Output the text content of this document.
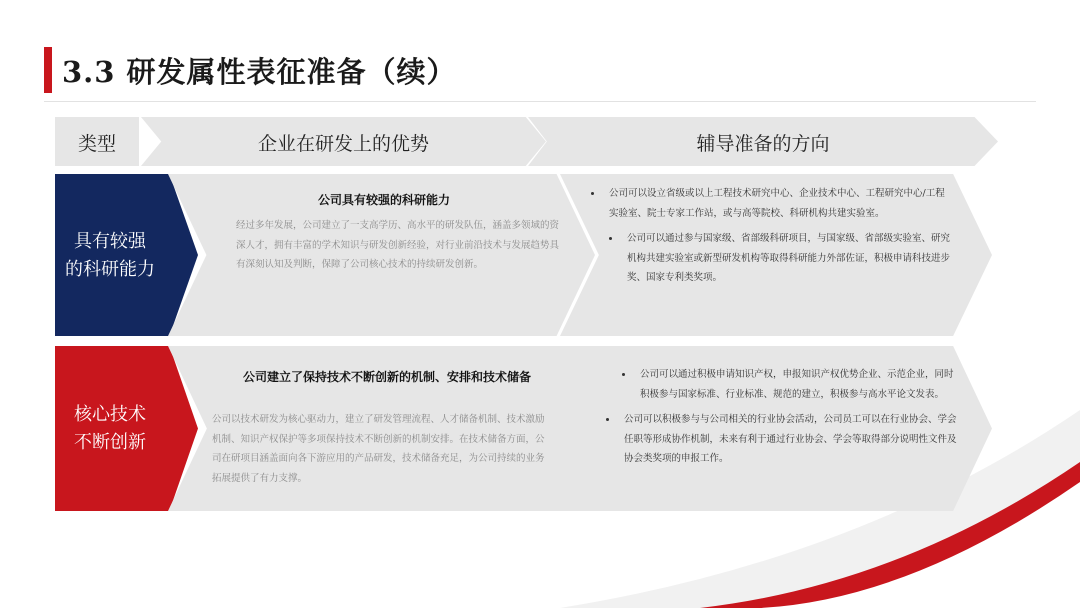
3.3 研发属性表征准备（续）
类型	企业在研发上的优势	辅导准备的方向
具有较强
的科研能力
公司具有较强的科研能力
经过多年发展，公司建立了一支高学历、高水平的研发队伍，涵盖多领域的资深人才，拥有丰富的学术知识与研发创新经验，对行业前沿技术与发展趋势具有深刻认知及判断，保障了公司核心技术的持续研发创新。
• 公司可以设立省级或以上工程技术研究中心、企业技术中心、工程研究中心/工程实验室、院士专家工作站，或与高等院校、科研机构共建实验室。
• 公司可以通过参与国家级、省部级科研项目，与国家级、省部级实验室、研究机构共建实验室或新型研发机构等取得科研能力外部佐证，积极申请科技进步奖、国家专利类奖项。
核心技术
不断创新
公司建立了保持技术不断创新的机制、安排和技术储备
公司以技术研发为核心驱动力，建立了研发管理流程、人才储备机制、技术激励机制、知识产权保护等多项保持技术不断创新的机制安排。在技术储备方面，公司在研项目涵盖面向各下游应用的产品研发，技术储备充足，为公司持续的业务拓展提供了有力支撑。
• 公司可以通过积极申请知识产权，申报知识产权优势企业、示范企业，同时积极参与国家标准、行业标准、规范的建立，积极参与高水平论文发表。
• 公司可以积极参与与公司相关的行业协会活动，公司员工可以在行业协会、学会任职等形成协作机制，未来有利于通过行业协会、学会等取得部分说明性文件及协会类奖项的申报工作。
